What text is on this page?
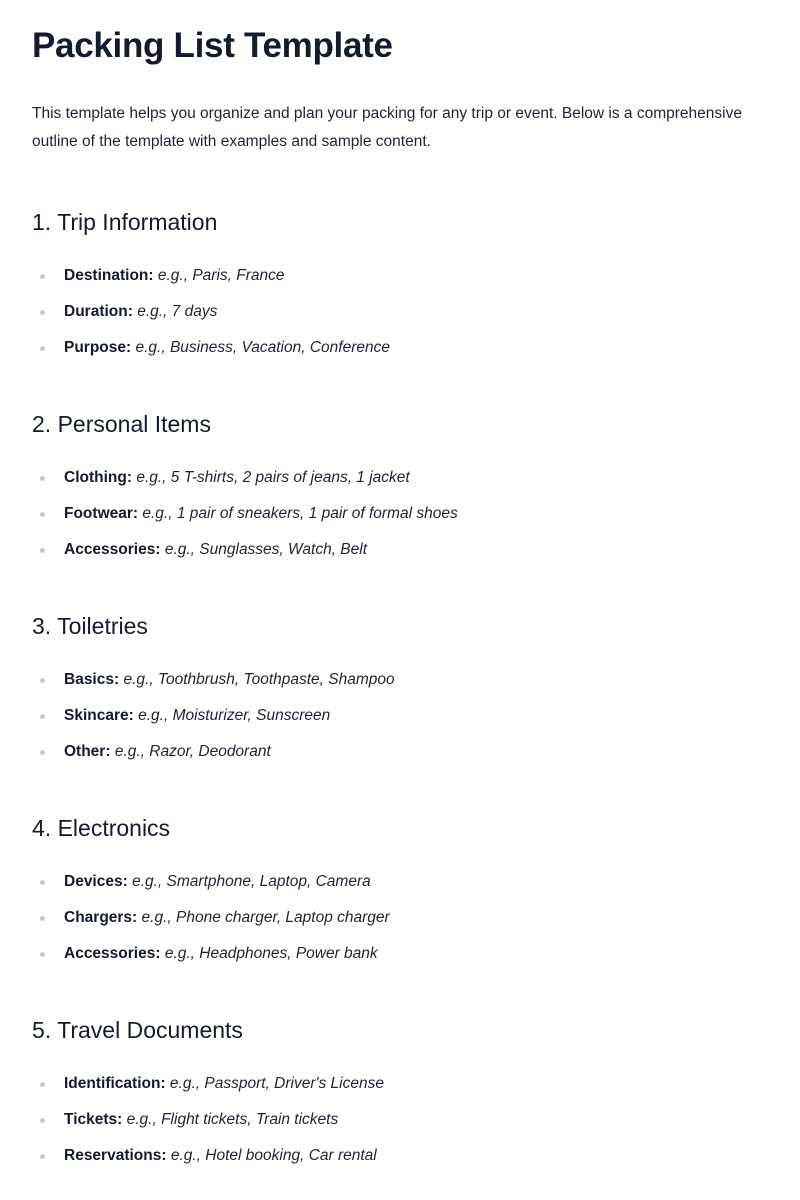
Packing List Template

This template helps you organize and plan your packing for any trip or event. Below is a comprehensive outline of the template with examples and sample content.

1. Trip Information
Destination: e.g., Paris, France
Duration: e.g., 7 days
Purpose: e.g., Business, Vacation, Conference
2. Personal Items
Clothing: e.g., 5 T-shirts, 2 pairs of jeans, 1 jacket
Footwear: e.g., 1 pair of sneakers, 1 pair of formal shoes
Accessories: e.g., Sunglasses, Watch, Belt
3. Toiletries
Basics: e.g., Toothbrush, Toothpaste, Shampoo
Skincare: e.g., Moisturizer, Sunscreen
Other: e.g., Razor, Deodorant
4. Electronics
Devices: e.g., Smartphone, Laptop, Camera
Chargers: e.g., Phone charger, Laptop charger
Accessories: e.g., Headphones, Power bank
5. Travel Documents
Identification: e.g., Passport, Driver's License
Tickets: e.g., Flight tickets, Train tickets
Reservations: e.g., Hotel booking, Car rental
